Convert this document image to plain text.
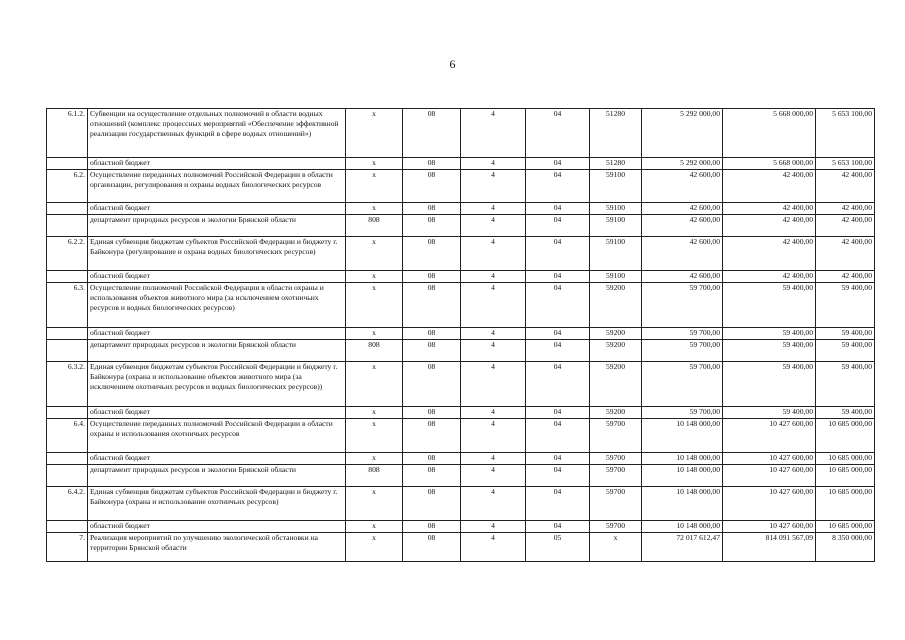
6
6.1.2.	Субвенции на осуществление отдельных полномочий в области водных отношений (комплекс процессных мероприятий «Обеспечение эффективной реализации государственных функций в сфере водных отношений»)	х	08	4	04	51280	5 292 000,00	5 668 000,00	5 653 100,00
	областной бюджет	х	08	4	04	51280	5 292 000,00	5 668 000,00	5 653 100,00
6.2.	Осуществление переданных полномочий Российской Федерации в области организации, регулирования и охраны водных биологических ресурсов	х	08	4	04	59100	42 600,00	42 400,00	42 400,00
	областной бюджет	х	08	4	04	59100	42 600,00	42 400,00	42 400,00
	департамент природных ресурсов и экологии Брянской области	808	08	4	04	59100	42 600,00	42 400,00	42 400,00
6.2.2.	Единая субвенция бюджетам субъектов Российской Федерации и бюджету г. Байконура (регулирование и охрана водных биологических ресурсов)	х	08	4	04	59100	42 600,00	42 400,00	42 400,00
	областной бюджет	х	08	4	04	59100	42 600,00	42 400,00	42 400,00
6.3.	Осуществление полномочий Российской Федерации в области охраны и использования объектов животного мира (за исключением охотничьих ресурсов и водных биологических ресурсов)	х	08	4	04	59200	59 700,00	59 400,00	59 400,00
	областной бюджет	х	08	4	04	59200	59 700,00	59 400,00	59 400,00
	департамент природных ресурсов и экологии Брянской области	808	08	4	04	59200	59 700,00	59 400,00	59 400,00
6.3.2.	Единая субвенция бюджетам субъектов Российской Федерации и бюджету г. Байконура (охрана и использование объектов животного мира (за исключением охотничьих ресурсов и водных биологических ресурсов))	х	08	4	04	59200	59 700,00	59 400,00	59 400,00
	областной бюджет	х	08	4	04	59200	59 700,00	59 400,00	59 400,00
6.4.	Осуществление переданных полномочий Российской Федерации в области охраны и использования охотничьих ресурсов	х	08	4	04	59700	10 148 000,00	10 427 600,00	10 685 000,00
	областной бюджет	х	08	4	04	59700	10 148 000,00	10 427 600,00	10 685 000,00
	департамент природных ресурсов и экологии Брянской области	808	08	4	04	59700	10 148 000,00	10 427 600,00	10 685 000,00
6.4.2.	Единая субвенция бюджетам субъектов Российской Федерации и бюджету г. Байконура (охрана и использование охотничьих ресурсов)	х	08	4	04	59700	10 148 000,00	10 427 600,00	10 685 000,00
	областной бюджет	х	08	4	04	59700	10 148 000,00	10 427 600,00	10 685 000,00
7.	Реализация мероприятий по улучшению экологической обстановки на территории Брянской области	х	08	4	05	х	72 017 612,47	814 091 567,09	8 350 000,00
